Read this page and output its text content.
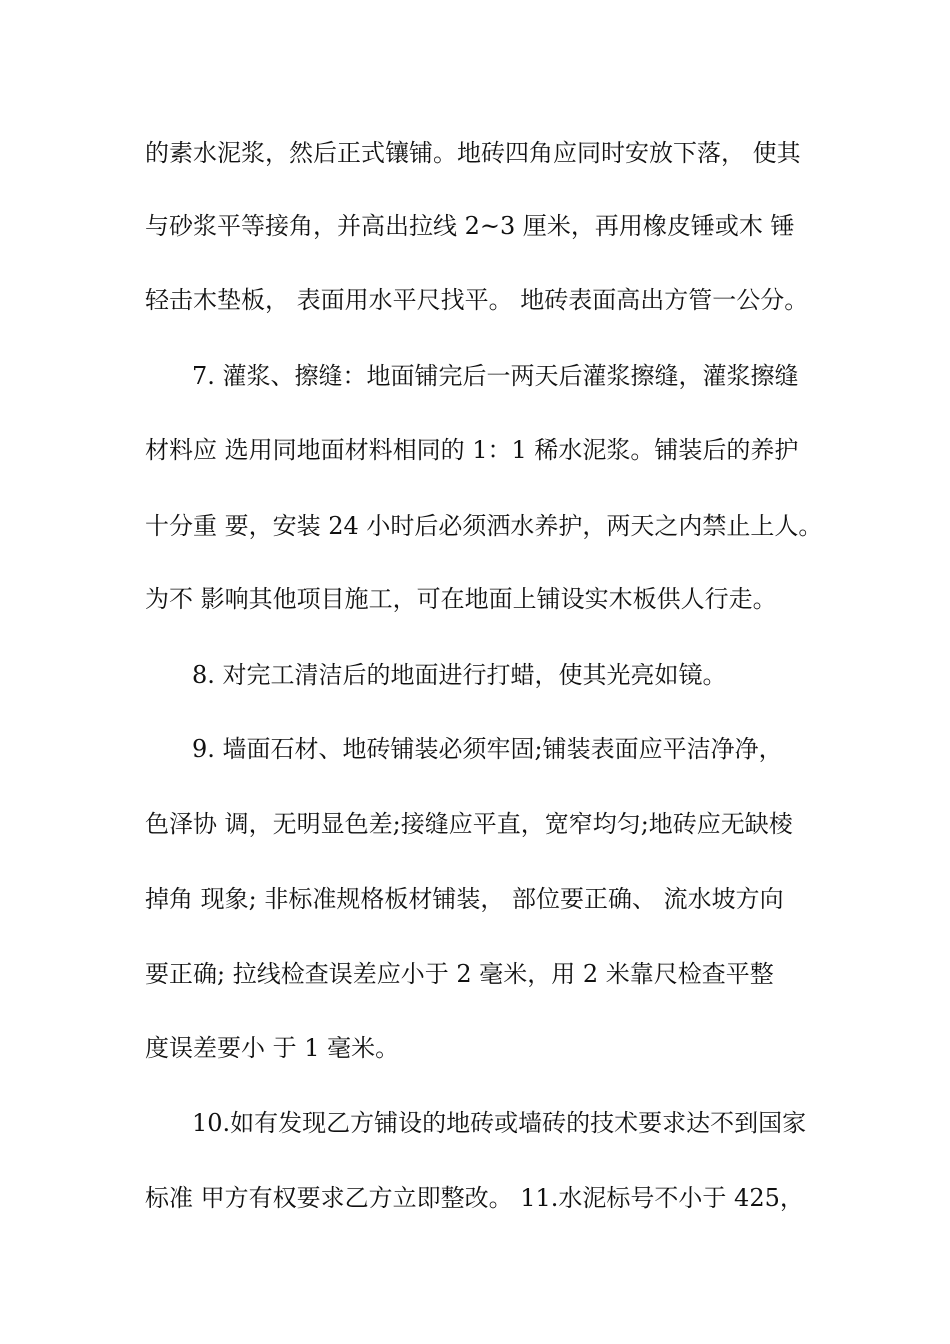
的素水泥浆，然后正式镶铺。地砖四角应同时安放下落， 使其
与砂浆平等接角，并高出拉线 2~3 厘米，再用橡皮锤或木 锤
轻击木垫板， 表面用水平尺找平。 地砖表面高出方管一公分。
7. 灌浆、擦缝：地面铺完后一两天后灌浆擦缝，灌浆擦缝
材料应 选用同地面材料相同的 1：1 稀水泥浆。铺装后的养护
十分重 要，安装 24 小时后必须洒水养护，两天之内禁止上人。
为不 影响其他项目施工，可在地面上铺设实木板供人行走。
8. 对完工清洁后的地面进行打蜡，使其光亮如镜。
9. 墙面石材、地砖铺装必须牢固;铺装表面应平洁净净，
色泽协 调，无明显色差;接缝应平直，宽窄均匀;地砖应无缺棱
掉角 现象; 非标准规格板材铺装， 部位要正确、 流水坡方向
要正确; 拉线检查误差应小于 2 毫米，用 2 米靠尺检查平整
度误差要小 于 1 毫米。
10.如有发现乙方铺设的地砖或墙砖的技术要求达不到国家
标准 甲方有权要求乙方立即整改。 11.水泥标号不小于 425，
